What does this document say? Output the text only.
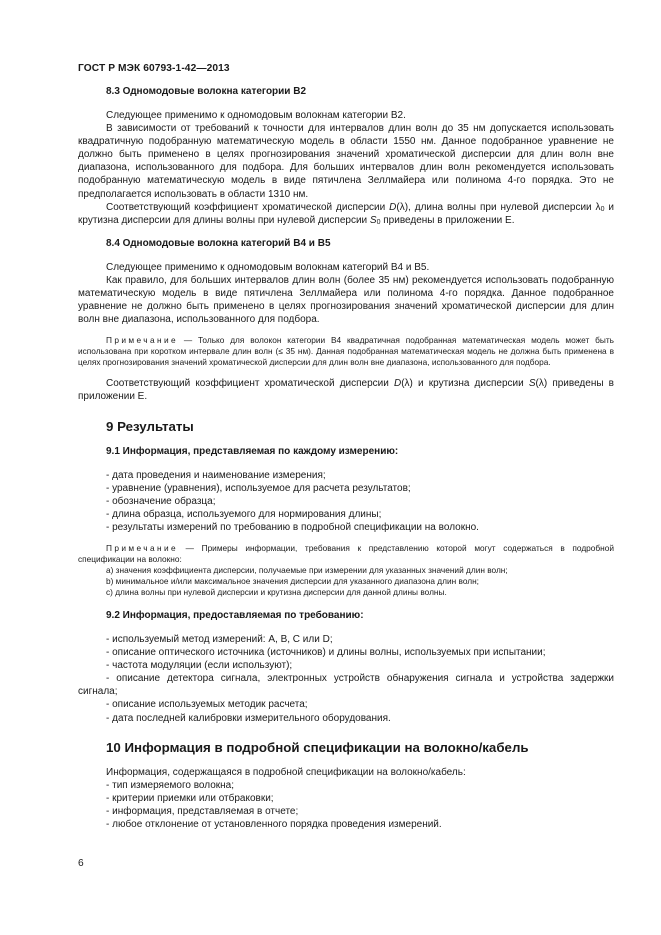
ГОСТ Р МЭК 60793-1-42—2013
8.3 Одномодовые волокна категории В2

Следующее применимо к одномодовым волокнам категории В2.

В зависимости от требований к точности для интервалов длин волн до 35 нм допускается использовать квадратичную подобранную математическую модель в области 1550 нм. Данное подобранное уравнение не должно быть применено в целях прогнозирования значений хроматической дисперсии для длин волн вне диапазона, использованного для подбора. Для больших интервалов длин волн рекомендуется использовать подобранную математическую модель в виде пятичлена Зеллмайера или полинома 4-го порядка. Это не предполагается использовать в области 1310 нм.

Соответствующий коэффициент хроматической дисперсии D(λ), длина волны при нулевой дисперсии $\lambda_0$ и крутизна дисперсии для длины волны при нулевой дисперсии $S_0$ приведены в приложении Е.

8.4 Одномодовые волокна категорий В4 и В5

Следующее применимо к одномодовым волокнам категорий В4 и В5.

Как правило, для больших интервалов длин волн (более 35 нм) рекомендуется использовать подобранную математическую модель в виде пятичлена Зеллмайера или полинома 4-го порядка. Данное подобранное уравнение не должно быть применено в целях прогнозирования значений хроматической дисперсии для длин волн вне диапазона, использованного для подбора.

Примечание — Только для волокон категории В4 квадратичная подобранная математическая модель может быть использована при коротком интервале длин волн (≤ 35 нм). Данная подобранная математическая модель не должна быть применена в целях прогнозирования значений хроматической дисперсии для длин волн вне диапазона, использованного для подбора.

Соответствующий коэффициент хроматической дисперсии D(λ) и крутизна дисперсии S(λ) приведены в приложении Е.

9 Результаты
9.1 Информация, представляемая по каждому измерению:
- дата проведения и наименование измерения;
- уравнение (уравнения), используемое для расчета результатов;
- обозначение образца;
- длина образца, используемого для нормирования длины;
- результаты измерений по требованию в подробной спецификации на волокно.

Примечание — Примеры информации, требования к представлению которой могут содержаться в подробной спецификации на волокно:

a) значения коэффициента дисперсии, получаемые при измерении для указанных значений длин волн;
b) минимальное и/или максимальное значения дисперсии для указанного диапазона длин волн;
c) длина волны при нулевой дисперсии и крутизна дисперсии для данной длины волны.
9.2 Информация, предоставляемая по требованию:
- используемый метод измерений: A, B, C или D;
- описание оптического источника (источников) и длины волны, используемых при испытании;
- частота модуляции (если используют);
- описание детектора сигнала, электронных устройств обнаружения сигнала и устройства задержки сигнала;
- описание используемых методик расчета;
- дата последней калибровки измерительного оборудования.
10 Информация в подробной спецификации на волокно/кабель

Информация, содержащаяся в подробной спецификации на волокно/кабель:

- тип измеряемого волокна;
- критерии приемки или отбраковки;
- информация, представляемая в отчете;
- любое отклонение от установленного порядка проведения измерений.
6
